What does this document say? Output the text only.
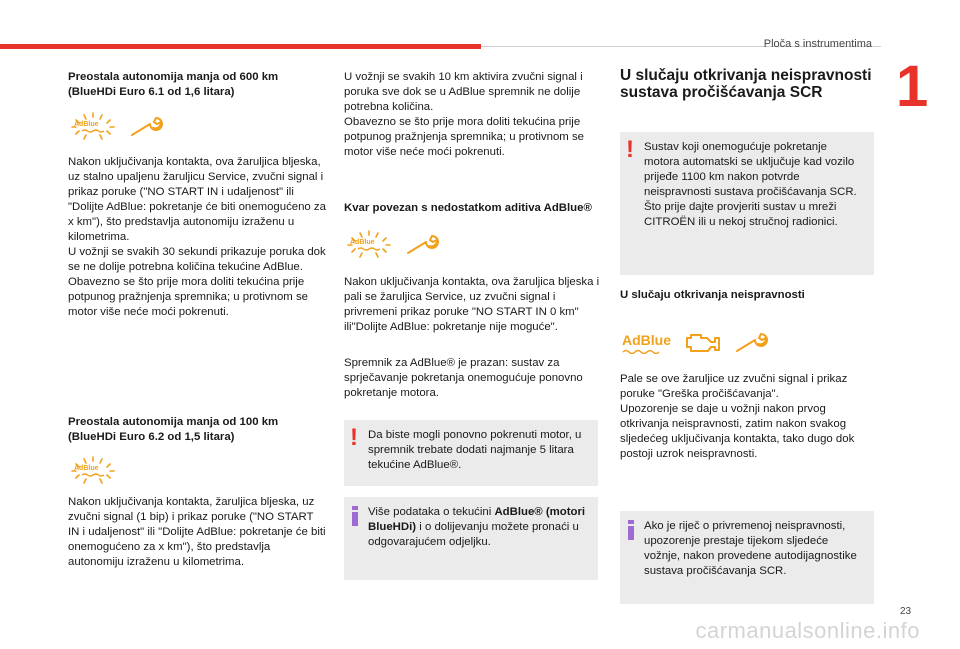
Ploča s instrumentima
1
23
carmanualsonline.info
Preostala autonomija manja od 600 km (BlueHDi Euro 6.1 od 1,6 litara)
AdBlue
Nakon uključivanja kontakta, ova žaruljica bljeska, uz stalno upaljenu žaruljicu Service, zvučni signal i prikaz poruke ("NO START IN i udaljenost" ili "Dolijte AdBlue: pokretanje će biti onemogućeno za x km"), što predstavlja autonomiju izraženu u kilometrima.
U vožnji se svakih 30 sekundi prikazuje poruka dok se ne dolije potrebna količina tekućine AdBlue.
Obavezno se što prije mora doliti tekućina prije potpunog pražnjenja spremnika; u protivnom se motor više neće moći pokrenuti.
Preostala autonomija manja od 100 km (BlueHDi Euro 6.2 od 1,5 litara)
AdBlue
Nakon uključivanja kontakta, žaruljica bljeska, uz zvučni signal (1 bip) i prikaz poruke ("NO START IN i udaljenost" ili "Dolijte AdBlue: pokretanje će biti onemogućeno za x km"), što predstavlja autonomiju izraženu u kilometrima.
U vožnji se svakih 10 km aktivira zvučni signal i poruka sve dok se u AdBlue spremnik ne dolije potrebna količina.
Obavezno se što prije mora doliti tekućina prije potpunog pražnjenja spremnika; u protivnom se motor više neće moći pokrenuti.
Kvar povezan s nedostatkom aditiva AdBlue®
AdBlue
Nakon uključivanja kontakta, ova žaruljica bljeska i pali se žaruljica Service, uz zvučni signal i privremeni prikaz poruke "NO START IN 0 km" ili"Dolijte AdBlue: pokretanje nije moguće".
Spremnik za AdBlue® je prazan: sustav za sprječavanje pokretanja onemogućuje ponovno pokretanje motora.
! Da biste mogli ponovno pokrenuti motor, u spremnik trebate dodati najmanje 5 litara tekućine AdBlue®.
Više podataka o tekućini AdBlue® (motori BlueHDi) i o dolijevanju možete pronaći u odgovarajućem odjeljku.
U slučaju otkrivanja neispravnosti sustava pročišćavanja SCR
! Sustav koji onemogućuje pokretanje motora automatski se uključuje kad vozilo prijeđe 1100 km nakon potvrde neispravnosti sustava pročišćavanja SCR. Što prije dajte provjeriti sustav u mreži CITROËN ili u nekoj stručnoj radionici.
U slučaju otkrivanja neispravnosti
AdBlue
Pale se ove žaruljice uz zvučni signal i prikaz poruke "Greška pročišćavanja".
Upozorenje se daje u vožnji nakon prvog otkrivanja neispravnosti, zatim nakon svakog sljedećeg uključivanja kontakta, tako dugo dok postoji uzrok neispravnosti.
Ako je riječ o privremenoj neispravnosti, upozorenje prestaje tijekom sljedeće vožnje, nakon provedene autodijagnostike sustava pročišćavanja SCR.
